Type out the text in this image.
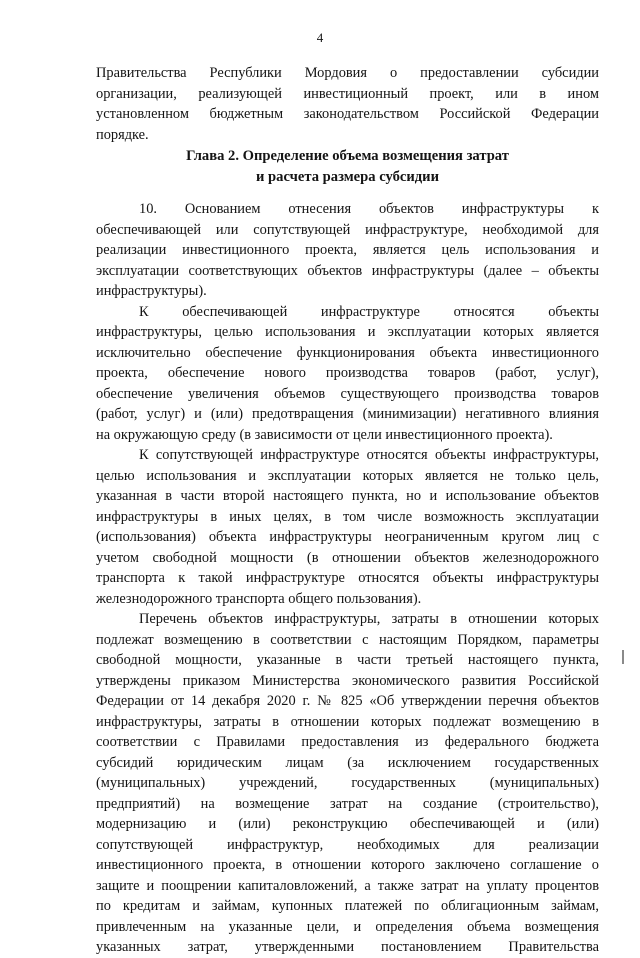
4
Правительства Республики Мордовия о предоставлении субсидии
организации, реализующей инвестиционный проект, или в ином
установленном бюджетным законодательством Российской Федерации
порядке.
Глава 2. Определение объема возмещения затрат
и расчета размера субсидии
10. Основанием отнесения объектов инфраструктуры к
обеспечивающей или сопутствующей инфраструктуре, необходимой для
реализации инвестиционного проекта, является цель использования и
эксплуатации соответствующих объектов инфраструктуры (далее – объекты
инфраструктуры).
К обеспечивающей инфраструктуре относятся объекты
инфраструктуры, целью использования и эксплуатации которых является
исключительно обеспечение функционирования объекта инвестиционного
проекта, обеспечение нового производства товаров (работ, услуг),
обеспечение увеличения объемов существующего производства товаров
(работ, услуг) и (или) предотвращения (минимизации) негативного влияния
на окружающую среду (в зависимости от цели инвестиционного проекта).
К сопутствующей инфраструктуре относятся объекты инфраструктуры,
целью использования и эксплуатации которых является не только цель,
указанная в части второй настоящего пункта, но и использование объектов
инфраструктуры в иных целях, в том числе возможность эксплуатации
(использования) объекта инфраструктуры неограниченным кругом лиц с
учетом свободной мощности (в отношении объектов железнодорожного
транспорта к такой инфраструктуре относятся объекты инфраструктуры
железнодорожного транспорта общего пользования).
Перечень объектов инфраструктуры, затраты в отношении которых
подлежат возмещению в соответствии с настоящим Порядком, параметры
свободной мощности, указанные в части третьей настоящего пункта,
утверждены приказом Министерства экономического развития Российской
Федерации от 14 декабря 2020 г. № 825 «Об утверждении перечня объектов
инфраструктуры, затраты в отношении которых подлежат возмещению в
соответствии с Правилами предоставления из федерального бюджета
субсидий юридическим лицам (за исключением государственных
(муниципальных) учреждений, государственных (муниципальных)
предприятий) на возмещение затрат на создание (строительство),
модернизацию и (или) реконструкцию обеспечивающей и (или)
сопутствующей инфраструктур, необходимых для реализации
инвестиционного проекта, в отношении которого заключено соглашение о
защите и поощрении капиталовложений, а также затрат на уплату процентов
по кредитам и займам, купонных платежей по облигационным займам,
привлеченным на указанные цели, и определения объема возмещения
указанных затрат, утвержденными постановлением Правительства
